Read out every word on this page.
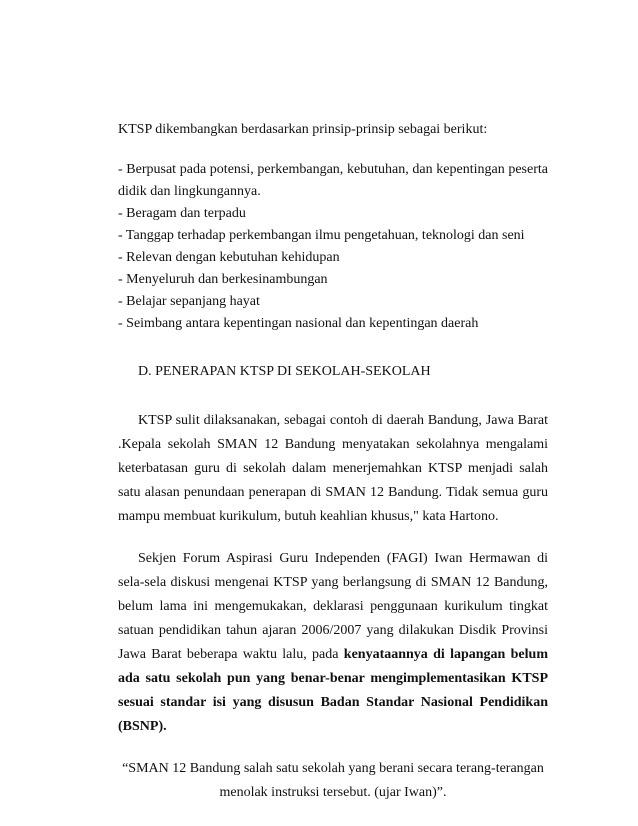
KTSP dikembangkan berdasarkan prinsip-prinsip sebagai berikut:

- Berpusat pada potensi, perkembangan, kebutuhan, dan kepentingan peserta didik dan lingkungannya.
- Beragam dan terpadu
- Tanggap terhadap perkembangan ilmu pengetahuan, teknologi dan seni
- Relevan dengan kebutuhan kehidupan
- Menyeluruh dan berkesinambungan
- Belajar sepanjang hayat
- Seimbang antara kepentingan nasional dan kepentingan daerah

D. PENERAPAN KTSP DI SEKOLAH-SEKOLAH

KTSP sulit dilaksanakan, sebagai contoh di daerah Bandung, Jawa Barat .Kepala sekolah SMAN 12 Bandung menyatakan sekolahnya mengalami keterbatasan guru di sekolah dalam menerjemahkan KTSP menjadi salah satu alasan penundaan penerapan di SMAN 12 Bandung. Tidak semua guru mampu membuat kurikulum, butuh keahlian khusus," kata Hartono.

Sekjen Forum Aspirasi Guru Independen (FAGI) Iwan Hermawan di sela-sela diskusi mengenai KTSP yang berlangsung di SMAN 12 Bandung, belum lama ini mengemukakan, deklarasi penggunaan kurikulum tingkat satuan pendidikan tahun ajaran 2006/2007 yang dilakukan Disdik Provinsi Jawa Barat beberapa waktu lalu, pada kenyataannya di lapangan belum ada satu sekolah pun yang benar-benar mengimplementasikan KTSP sesuai standar isi yang disusun Badan Standar Nasional Pendidikan (BSNP).

“SMAN 12 Bandung salah satu sekolah yang berani secara terang-terangan menolak instruksi tersebut. (ujar Iwan)”.
